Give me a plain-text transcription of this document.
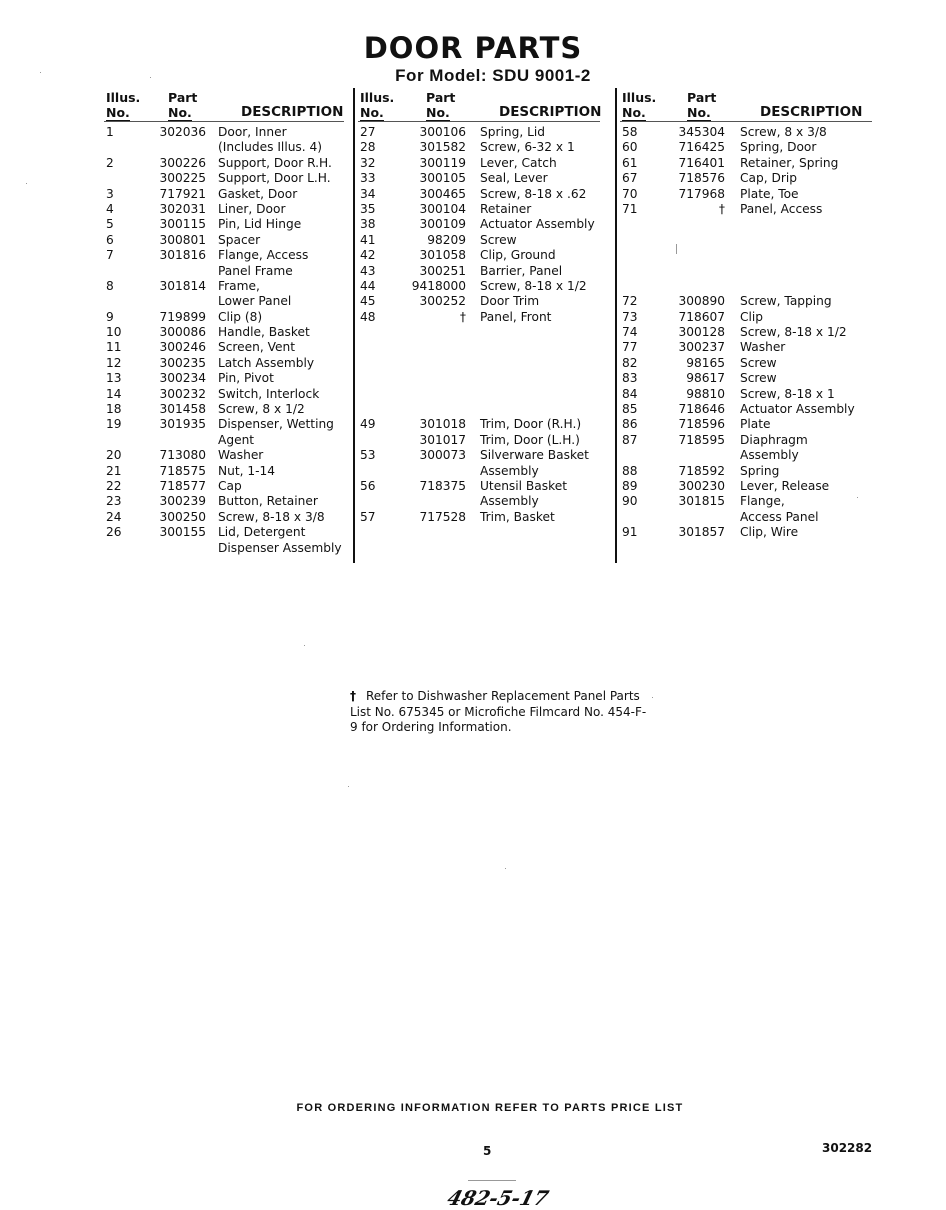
DOOR PARTS
For Model: SDU 9001-2
Illus.
No.
Part
No.	DESCRIPTION
1	302036 Door, Inner
(Includes Illus. 4)
2	300226 Support, Door R.H.
300225 Support, Door L.H.
3	717921 Gasket, Door
4	302031 Liner, Door
5	300115 Pin, Lid Hinge
6	300801 Spacer
7	301816 Flange, Access
Panel Frame
8	301814 Frame,
Lower Panel
9	719899 Clip (8)
10	300086 Handle, Basket
11	300246 Screen, Vent
12	300235 Latch Assembly
13	300234 Pin, Pivot
14	300232 Switch, Interlock
18	301458 Screw, 8 x 1/2
19	301935 Dispenser, Wetting
Agent
20	713080 Washer
21	718575 Nut, 1-14
22	718577 Cap
23	300239 Button, Retainer
24	300250 Screw, 8-18 x 3/8
26	300155 Lid, Detergent
Dispenser Assembly
Illus.
No.
Part
No.	DESCRIPTION
27	300106 Spring, Lid
28	301582 Screw, 6-32 x 1
32	300119 Lever, Catch
33	300105 Seal, Lever
34	300465 Screw, 8-18 x .62
35	300104 Retainer
38	300109 Actuator Assembly
41	98209 Screw
42	301058 Clip, Ground
43	300251 Barrier, Panel
44	9418000 Screw, 8-18 x 1/2
45	300252 Door Trim
48	† Panel, Front
49	301018 Trim, Door (R.H.)
301017 Trim, Door (L.H.)
53	300073 Silverware Basket
Assembly
56	718375 Utensil Basket
Assembly
57	717528 Trim, Basket
Illus.
No.
Part
No.	DESCRIPTION
58	345304 Screw, 8 x 3/8
60	716425 Spring, Door
61	716401 Retainer, Spring
67	718576 Cap, Drip
70	717968 Plate, Toe
71	† Panel, Access
72	300890 Screw, Tapping
73	718607 Clip
74	300128 Screw, 8-18 x 1/2
77	300237 Washer
82	98165 Screw
83	98617 Screw
84	98810 Screw, 8-18 x 1
85	718646 Actuator Assembly
86	718596 Plate
87	718595 Diaphragm
Assembly
88	718592 Spring
89	300230 Lever, Release
90	301815 Flange,
Access Panel
91	301857 Clip, Wire
† Refer to Dishwasher Replacement Panel Parts List No. 675345 or Microfiche Filmcard No. 454-F-9 for Ordering Information.
FOR ORDERING INFORMATION REFER TO PARTS PRICE LIST
5	302282
482-5-17
